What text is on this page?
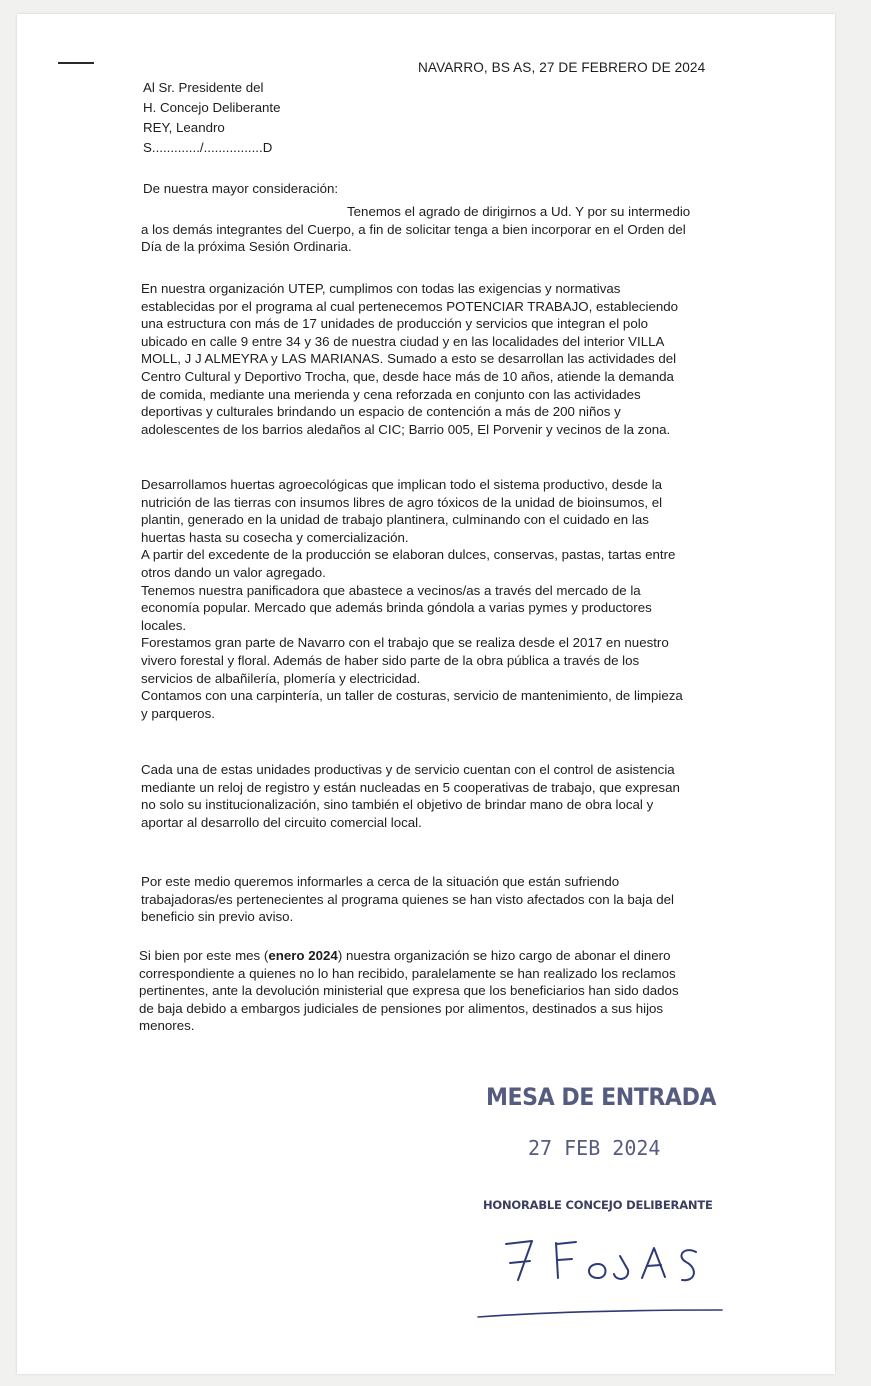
NAVARRO, BS AS, 27 DE FEBRERO DE 2024
Al Sr. Presidente del
H. Concejo Deliberante
REY, Leandro
S............./................D
De nuestra mayor consideración:
Tenemos el agrado de dirigirnos a Ud. Y por su intermedio
a los demás integrantes del Cuerpo, a fin de solicitar tenga a bien incorporar en el Orden del
Día de la próxima Sesión Ordinaria.
En nuestra organización UTEP, cumplimos con todas las exigencias y normativas
establecidas por el programa al cual pertenecemos POTENCIAR TRABAJO, estableciendo
una estructura con más de 17 unidades de producción y servicios que integran el polo
ubicado en calle 9 entre 34 y 36 de nuestra ciudad y en las localidades del interior VILLA
MOLL, J J ALMEYRA y LAS MARIANAS. Sumado a esto se desarrollan las actividades del
Centro Cultural y Deportivo Trocha, que, desde hace más de 10 años, atiende la demanda
de comida, mediante una merienda y cena reforzada en conjunto con las actividades
deportivas y culturales brindando un espacio de contención a más de 200 niños y
adolescentes de los barrios aledaños al CIC; Barrio 005, El Porvenir y vecinos de la zona.
Desarrollamos huertas agroecológicas que implican todo el sistema productivo, desde la
nutrición de las tierras con insumos libres de agro tóxicos de la unidad de bioinsumos, el
plantin, generado en la unidad de trabajo plantinera, culminando con el cuidado en las
huertas hasta su cosecha y comercialización.
A partir del excedente de la producción se elaboran dulces, conservas, pastas, tartas entre
otros dando un valor agregado.
Tenemos nuestra panificadora que abastece a vecinos/as a través del mercado de la
economía popular. Mercado que además brinda góndola a varias pymes y productores
locales.
Forestamos gran parte de Navarro con el trabajo que se realiza desde el 2017 en nuestro
vivero forestal y floral. Además de haber sido parte de la obra pública a través de los
servicios de albañilería, plomería y electricidad.
Contamos con una carpintería, un taller de costuras, servicio de mantenimiento, de limpieza
y parqueros.
Cada una de estas unidades productivas y de servicio cuentan con el control de asistencia
mediante un reloj de registro y están nucleadas en 5 cooperativas de trabajo, que expresan
no solo su institucionalización, sino también el objetivo de brindar mano de obra local y
aportar al desarrollo del circuito comercial local.
Por este medio queremos informarles a cerca de la situación que están sufriendo
trabajadoras/es pertenecientes al programa quienes se han visto afectados con la baja del
beneficio sin previo aviso.
Si bien por este mes (enero 2024) nuestra organización se hizo cargo de abonar el dinero
correspondiente a quienes no lo han recibido, paralelamente se han realizado los reclamos
pertinentes, ante la devolución ministerial que expresa que los beneficiarios han sido dados
de baja debido a embargos judiciales de pensiones por alimentos, destinados a sus hijos
menores.
MESA DE ENTRADA
27 FEB 2024
HONORABLE CONCEJO DELIBERANTE
